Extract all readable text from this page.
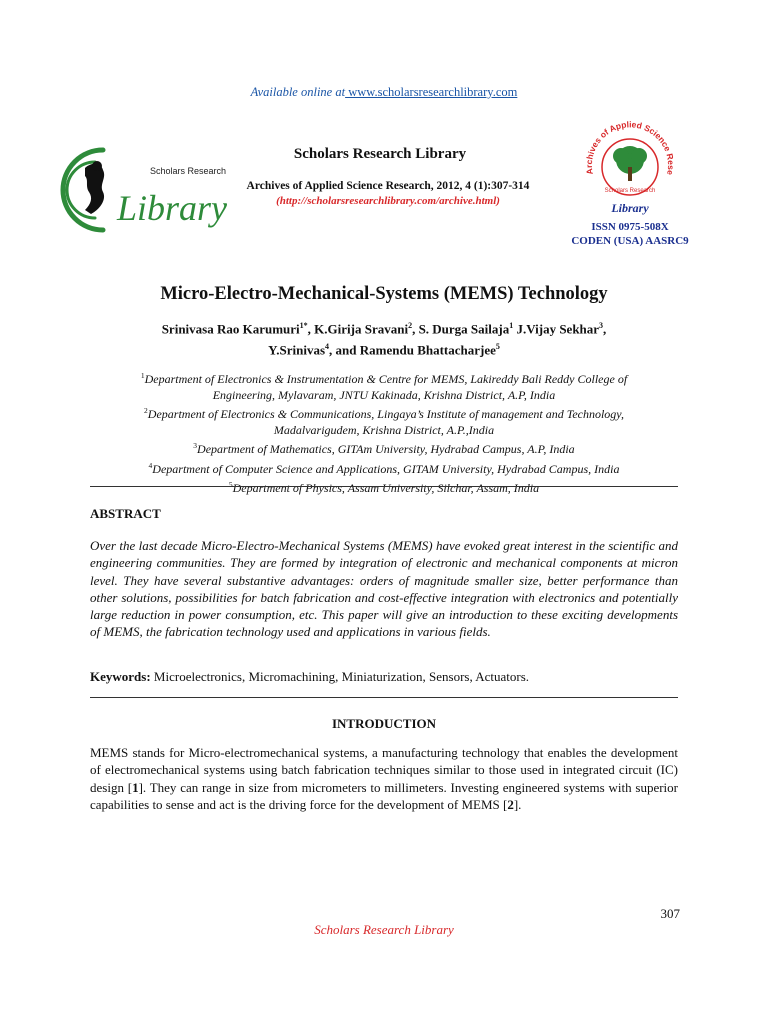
Available online at www.scholarsresearchlibrary.com
Scholars Research
Library
Scholars Research Library
Archives of Applied Science Research, 2012, 4 (1):307-314
(http://scholarsresearchlibrary.com/archive.html)
Archives of Applied Science Rese
Scholars Research
Library
ISSN 0975-508X
CODEN (USA) AASRC9
Micro-Electro-Mechanical-Systems (MEMS) Technology
Srinivasa Rao Karumuri$^{1*}$, K.Girija Sravani$^2$, S. Durga Sailaja$^1$ J.Vijay Sekhar$^3$,
Y.Srinivas$^4$, and Ramendu Bhattacharjee$^5$
$^1$Department of Electronics & Instrumentation & Centre for MEMS, Lakireddy Bali Reddy College of
Engineering, Mylavaram, JNTU Kakinada, Krishna District, A.P, India
$^2$Department of Electronics & Communications, Lingaya’s Institute of management and Technology,
Madalvarigudem, Krishna District, A.P.,India
$^3$Department of Mathematics, GITAm University, Hydrabad Campus, A.P, India
$^4$Department of Computer Science and Applications, GITAM University, Hydrabad Campus, India
$^5$Department of Physics, Assam University, Silchar, Assam, India
ABSTRACT
Over the last decade Micro-Electro-Mechanical Systems (MEMS) have evoked great interest in the scientific and engineering communities. They are formed by integration of electronic and mechanical components at micron level. They have several substantive advantages: orders of magnitude smaller size, better performance than other solutions, possibilities for batch fabrication and cost-effective integration with electronics and potentially large reduction in power consumption, etc. This paper will give an introduction to these exciting developments of MEMS, the fabrication technology used and applications in various fields.
Keywords: Microelectronics, Micromachining, Miniaturization, Sensors, Actuators.
INTRODUCTION
MEMS stands for Micro-electromechanical systems, a manufacturing technology that enables the development of electromechanical systems using batch fabrication techniques similar to those used in integrated circuit (IC) design [1]. They can range in size from micrometers to millimeters. Investing engineered systems with superior capabilities to sense and act is the driving force for the development of MEMS [2].
307
Scholars Research Library
